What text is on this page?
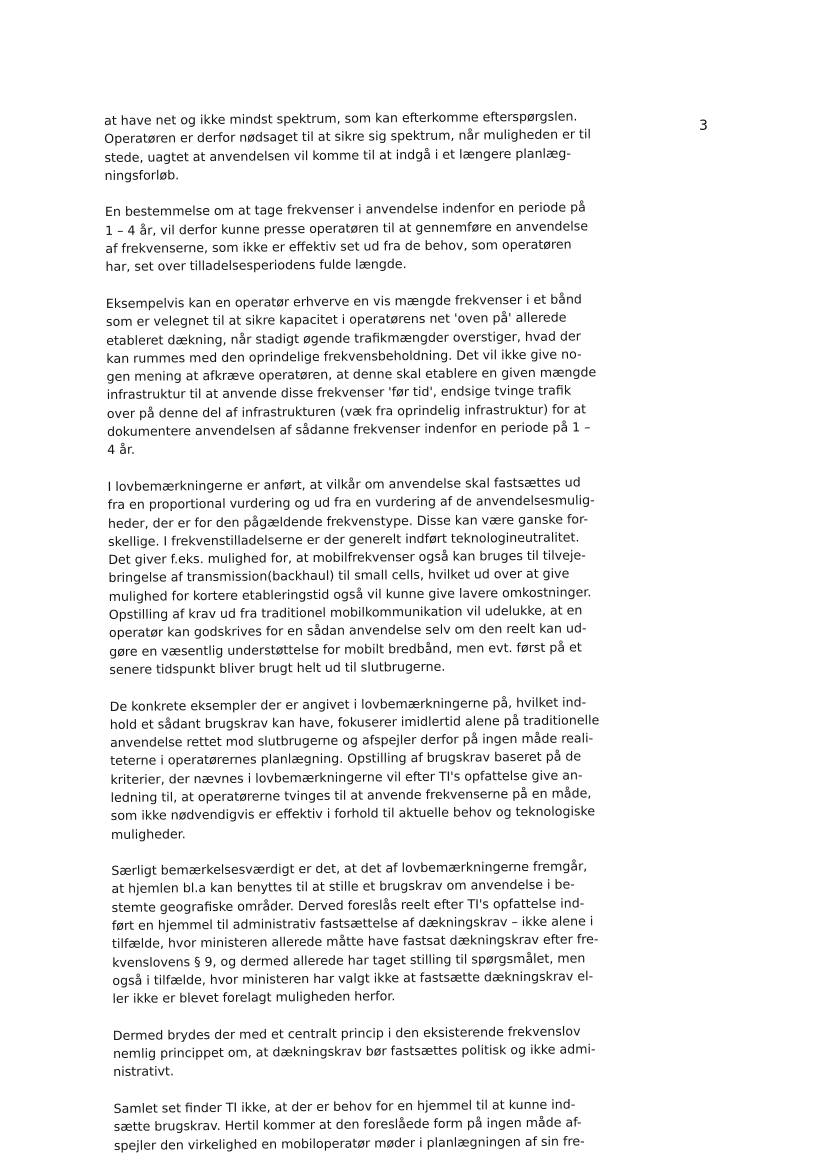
3
at have net og ikke mindst spektrum, som kan efterkomme efterspørgslen.
Operatøren er derfor nødsaget til at sikre sig spektrum, når muligheden er til
stede, uagtet at anvendelsen vil komme til at indgå i et længere planlæg-
ningsforløb.
En bestemmelse om at tage frekvenser i anvendelse indenfor en periode på
1 – 4 år, vil derfor kunne presse operatøren til at gennemføre en anvendelse
af frekvenserne, som ikke er effektiv set ud fra de behov, som operatøren
har, set over tilladelsesperiodens fulde længde.
Eksempelvis kan en operatør erhverve en vis mængde frekvenser i et bånd
som er velegnet til at sikre kapacitet i operatørens net 'oven på' allerede
etableret dækning, når stadigt øgende trafikmængder overstiger, hvad der
kan rummes med den oprindelige frekvensbeholdning. Det vil ikke give no-
gen mening at afkræve operatøren, at denne skal etablere en given mængde
infrastruktur til at anvende disse frekvenser 'før tid', endsige tvinge trafik
over på denne del af infrastrukturen (væk fra oprindelig infrastruktur) for at
dokumentere anvendelsen af sådanne frekvenser indenfor en periode på 1 –
4 år.
I lovbemærkningerne er anført, at vilkår om anvendelse skal fastsættes ud
fra en proportional vurdering og ud fra en vurdering af de anvendelsesmulig-
heder, der er for den pågældende frekvenstype. Disse kan være ganske for-
skellige. I frekvenstilladelserne er der generelt indført teknologineutralitet.
Det giver f.eks. mulighed for, at mobilfrekvenser også kan bruges til tilveje-
bringelse af transmission(backhaul) til small cells, hvilket ud over at give
mulighed for kortere etableringstid også vil kunne give lavere omkostninger.
Opstilling af krav ud fra traditionel mobilkommunikation vil udelukke, at en
operatør kan godskrives for en sådan anvendelse selv om den reelt kan ud-
gøre en væsentlig understøttelse for mobilt bredbånd, men evt. først på et
senere tidspunkt bliver brugt helt ud til slutbrugerne.
De konkrete eksempler der er angivet i lovbemærkningerne på, hvilket ind-
hold et sådant brugskrav kan have, fokuserer imidlertid alene på traditionelle
anvendelse rettet mod slutbrugerne og afspejler derfor på ingen måde reali-
teterne i operatørernes planlægning. Opstilling af brugskrav baseret på de
kriterier, der nævnes i lovbemærkningerne vil efter TI's opfattelse give an-
ledning til, at operatørerne tvinges til at anvende frekvenserne på en måde,
som ikke nødvendigvis er effektiv i forhold til aktuelle behov og teknologiske
muligheder.
Særligt bemærkelsesværdigt er det, at det af lovbemærkningerne fremgår,
at hjemlen bl.a kan benyttes til at stille et brugskrav om anvendelse i be-
stemte geografiske områder. Derved foreslås reelt efter TI's opfattelse ind-
ført en hjemmel til administrativ fastsættelse af dækningskrav – ikke alene i
tilfælde, hvor ministeren allerede måtte have fastsat dækningskrav efter fre-
kvenslovens § 9, og dermed allerede har taget stilling til spørgsmålet, men
også i tilfælde, hvor ministeren har valgt ikke at fastsætte dækningskrav el-
ler ikke er blevet forelagt muligheden herfor.
Dermed brydes der med et centralt princip i den eksisterende frekvenslov
nemlig princippet om, at dækningskrav bør fastsættes politisk og ikke admi-
nistrativt.
Samlet set finder TI ikke, at der er behov for en hjemmel til at kunne ind-
sætte brugskrav. Hertil kommer at den foreslåede form på ingen måde af-
spejler den virkelighed en mobiloperatør møder i planlægningen af sin fre-
